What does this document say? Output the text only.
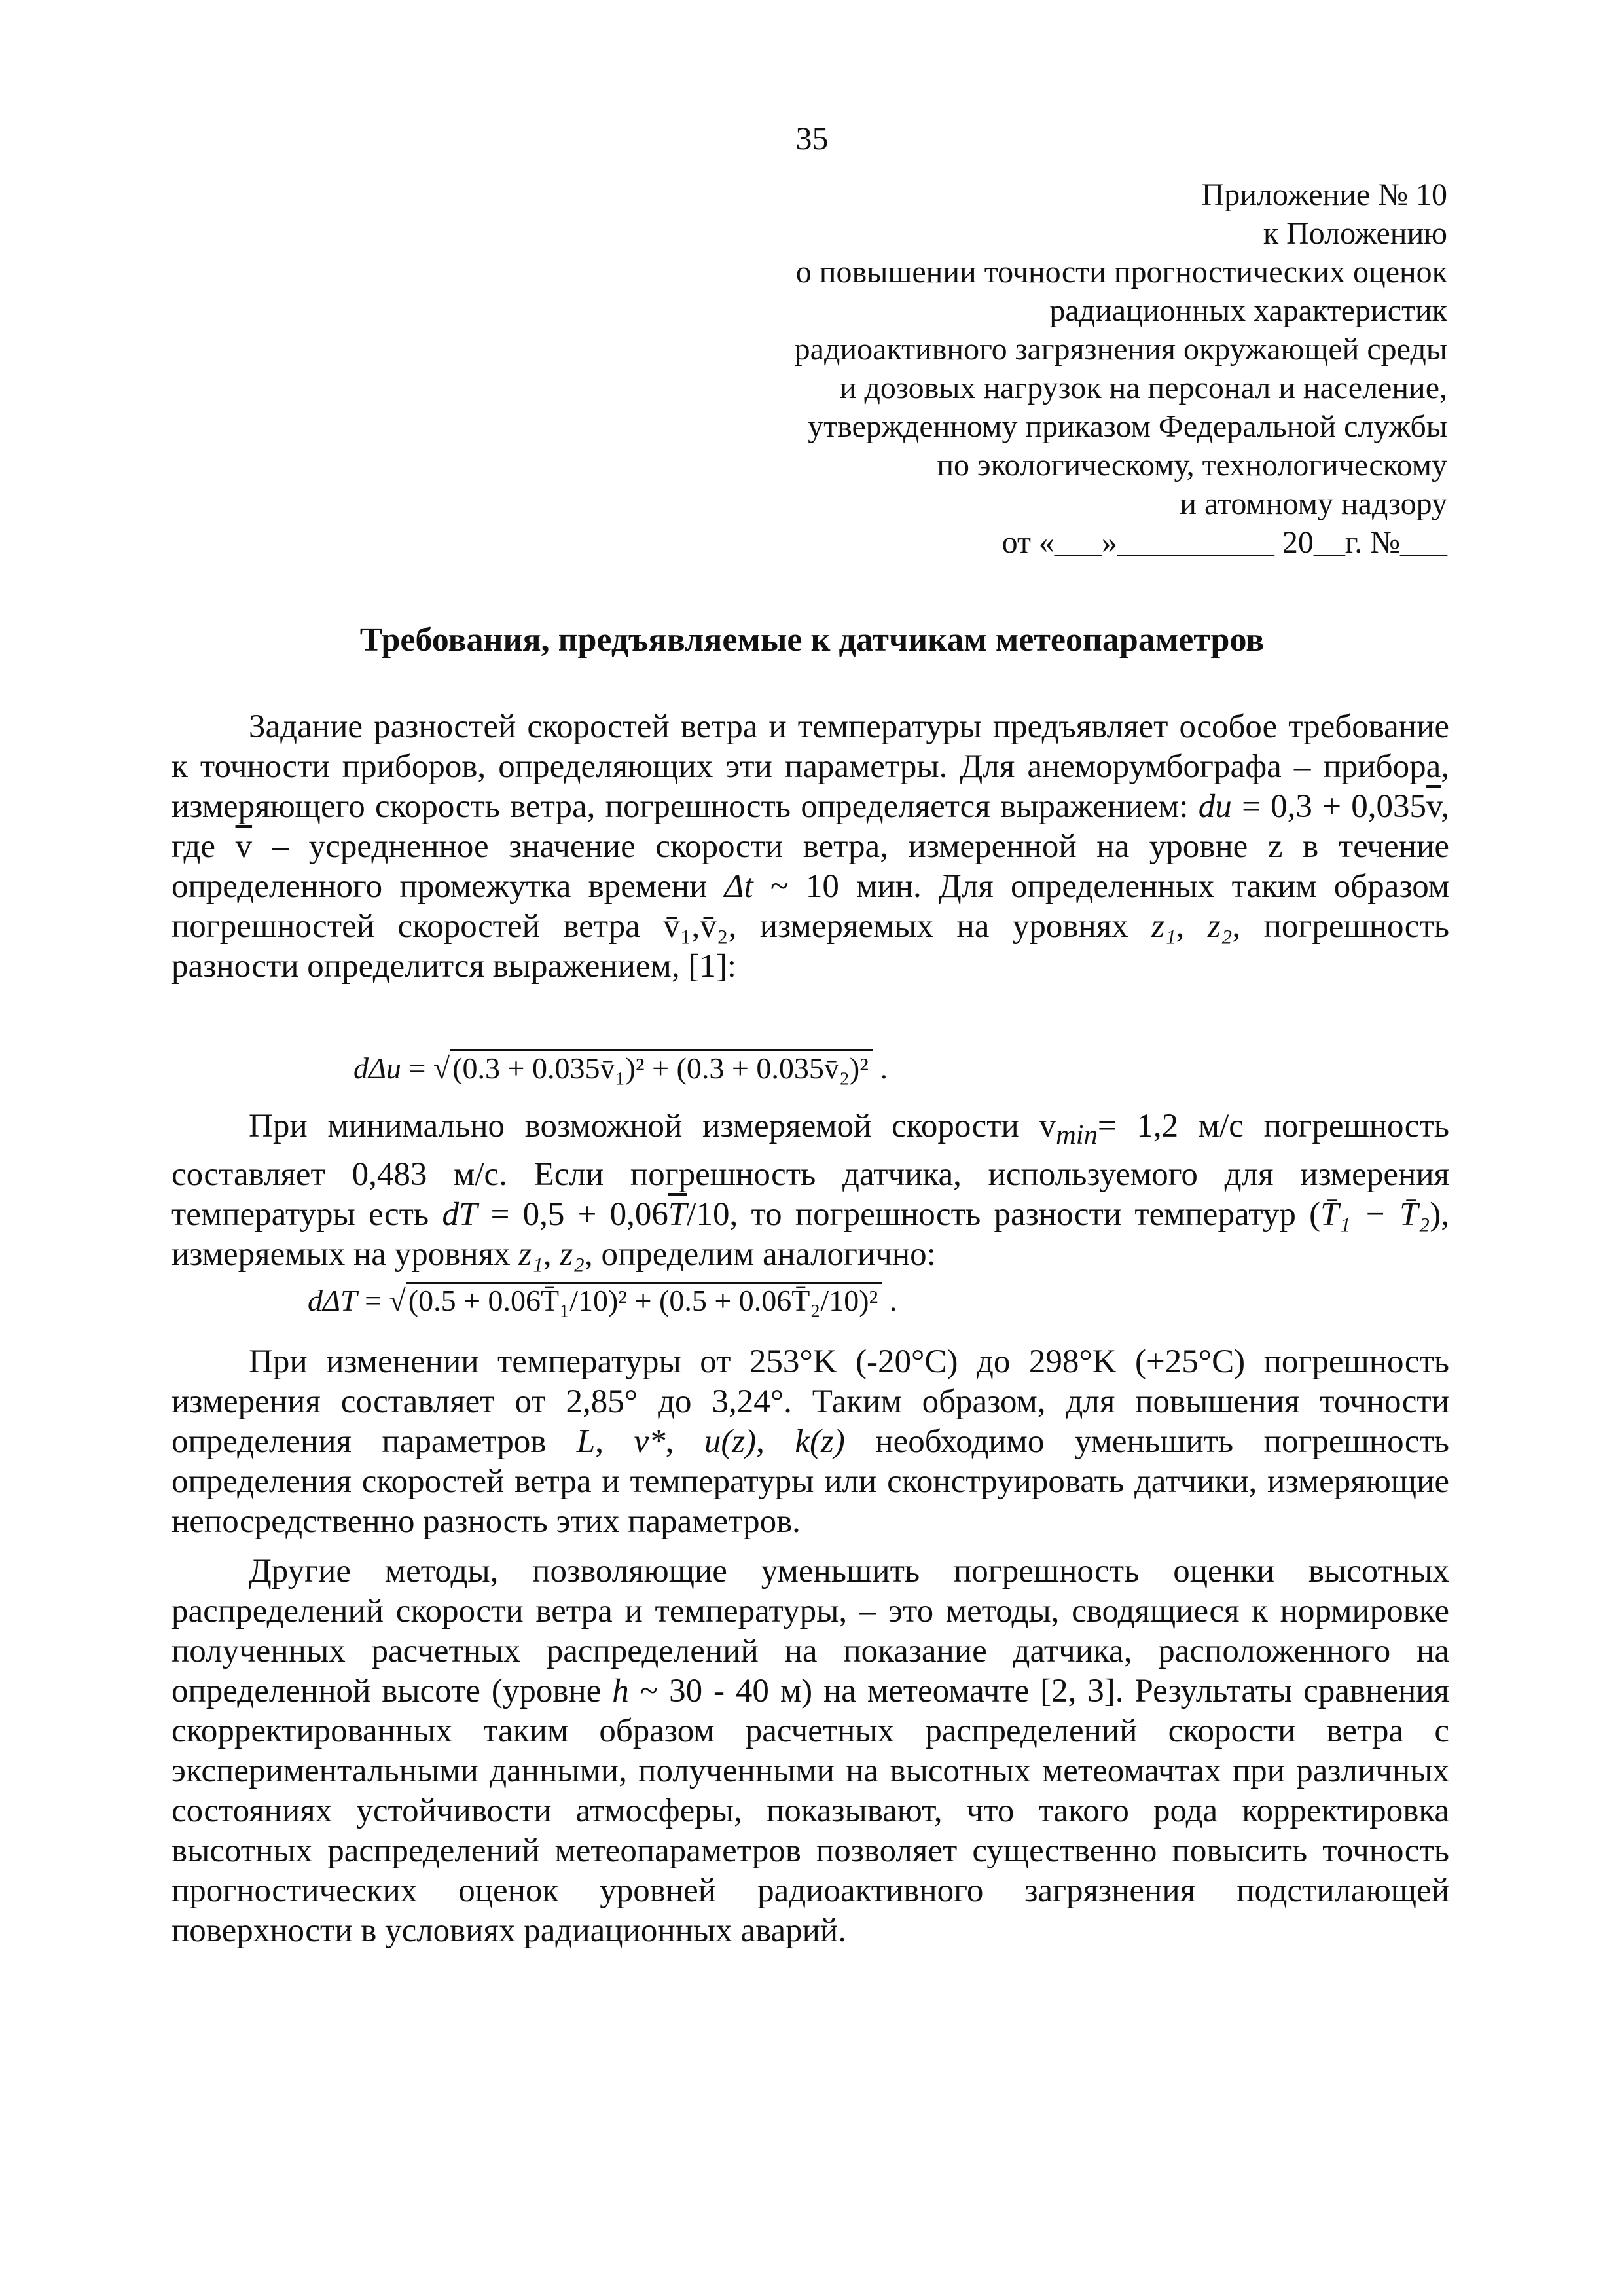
35
Приложение № 10
к Положению
о повышении точности прогностических оценок
радиационных характеристик
радиоактивного загрязнения окружающей среды
и дозовых нагрузок на персонал и население,
утвержденному приказом Федеральной службы
по экологическому, технологическому
и атомному надзору
от «___»__________ 20__г. №___
Требования, предъявляемые к датчикам метеопараметров

Задание разностей скоростей ветра и температуры предъявляет особое требование к точности приборов, определяющих эти параметры. Для анеморумбографа – прибора, измеряющего скорость ветра, погрешность определяется выражением: du = $0,3 + 0,035\overline{v}$, где $\overline{v}$ – усредненное значение скорости ветра, измеренной на уровне z в течение определенного промежутка времени Δt ~ 10 мин. Для определенных таким образом погрешностей скоростей ветра v̄₁,v̄₂, измеряемых на уровнях z₁, z₂, погрешность разности определится выражением, [1]:

dΔu = √(0.3 + 0.035v̄₁)² + (0.3 + 0.035v̄₂)² .

При минимально возможной измеряемой скорости $v_{min}= 1,2$ м/с погрешность составляет 0,483 м/с. Если погрешность датчика, используемого для измерения температуры есть dT = $0,5 + 0,06\overline{T}/10$, то погрешность разности температур (T̄₁ − T̄₂), измеряемых на уровнях z₁, z₂, определим аналогично:

dΔT = √(0.5 + 0.06T̄₁/10)² + (0.5 + 0.06T̄₂/10)² .

При изменении температуры от 253°K (-20°C) до 298°K (+25°C) погрешность измерения составляет от 2,85° до 3,24°. Таким образом, для повышения точности определения параметров L, v*, u(z), k(z) необходимо уменьшить погрешность определения скоростей ветра и температуры или сконструировать датчики, измеряющие непосредственно разность этих параметров.

Другие методы, позволяющие уменьшить погрешность оценки высотных распределений скорости ветра и температуры, – это методы, сводящиеся к нормировке полученных расчетных распределений на показание датчика, расположенного на определенной высоте (уровне h ~ 30 - 40 м) на метеомачте [2, 3]. Результаты сравнения скорректированных таким образом расчетных распределений скорости ветра с экспериментальными данными, полученными на высотных метеомачтах при различных состояниях устойчивости атмосферы, показывают, что такого рода корректировка высотных распределений метеопараметров позволяет существенно повысить точность прогностических оценок уровней радиоактивного загрязнения подстилающей поверхности в условиях радиационных аварий.
